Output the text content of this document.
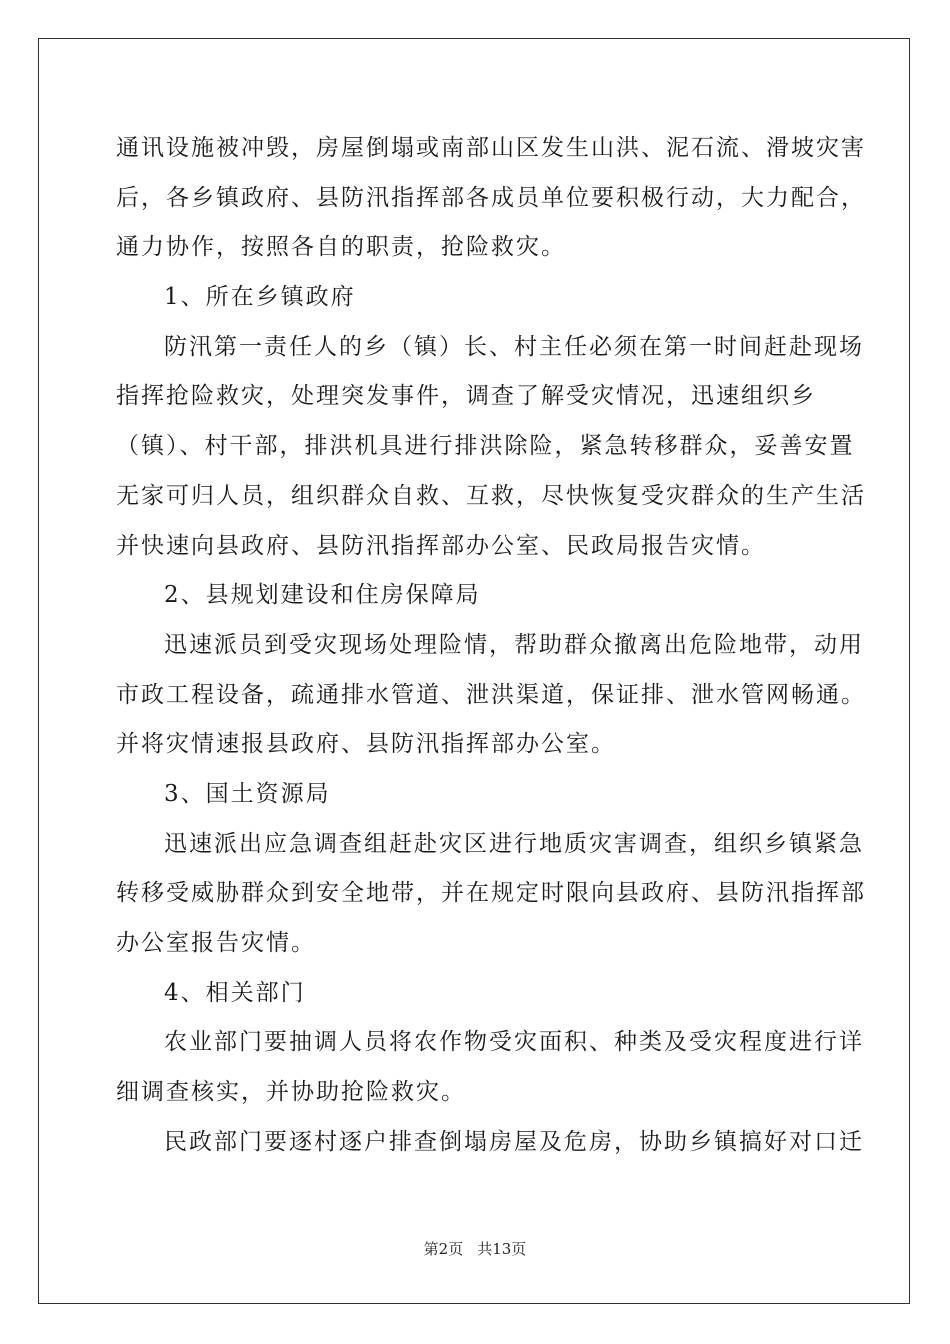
通讯设施被冲毁，房屋倒塌或南部山区发生山洪、泥石流、滑坡灾害
后，各乡镇政府、县防汛指挥部各成员单位要积极行动，大力配合，
通力协作，按照各自的职责，抢险救灾。
1、所在乡镇政府
防汛第一责任人的乡（镇）长、村主任必须在第一时间赶赴现场
指挥抢险救灾，处理突发事件，调查了解受灾情况，迅速组织乡
（镇）、村干部，排洪机具进行排洪除险，紧急转移群众，妥善安置
无家可归人员，组织群众自救、互救，尽快恢复受灾群众的生产生活
并快速向县政府、县防汛指挥部办公室、民政局报告灾情。
2、县规划建设和住房保障局
迅速派员到受灾现场处理险情，帮助群众撤离出危险地带，动用
市政工程设备，疏通排水管道、泄洪渠道，保证排、泄水管网畅通。
并将灾情速报县政府、县防汛指挥部办公室。
3、国土资源局
迅速派出应急调查组赶赴灾区进行地质灾害调查，组织乡镇紧急
转移受威胁群众到安全地带，并在规定时限向县政府、县防汛指挥部
办公室报告灾情。
4、相关部门
农业部门要抽调人员将农作物受灾面积、种类及受灾程度进行详
细调查核实，并协助抢险救灾。
民政部门要逐村逐户排查倒塌房屋及危房，协助乡镇搞好对口迁
第2页 共13页
